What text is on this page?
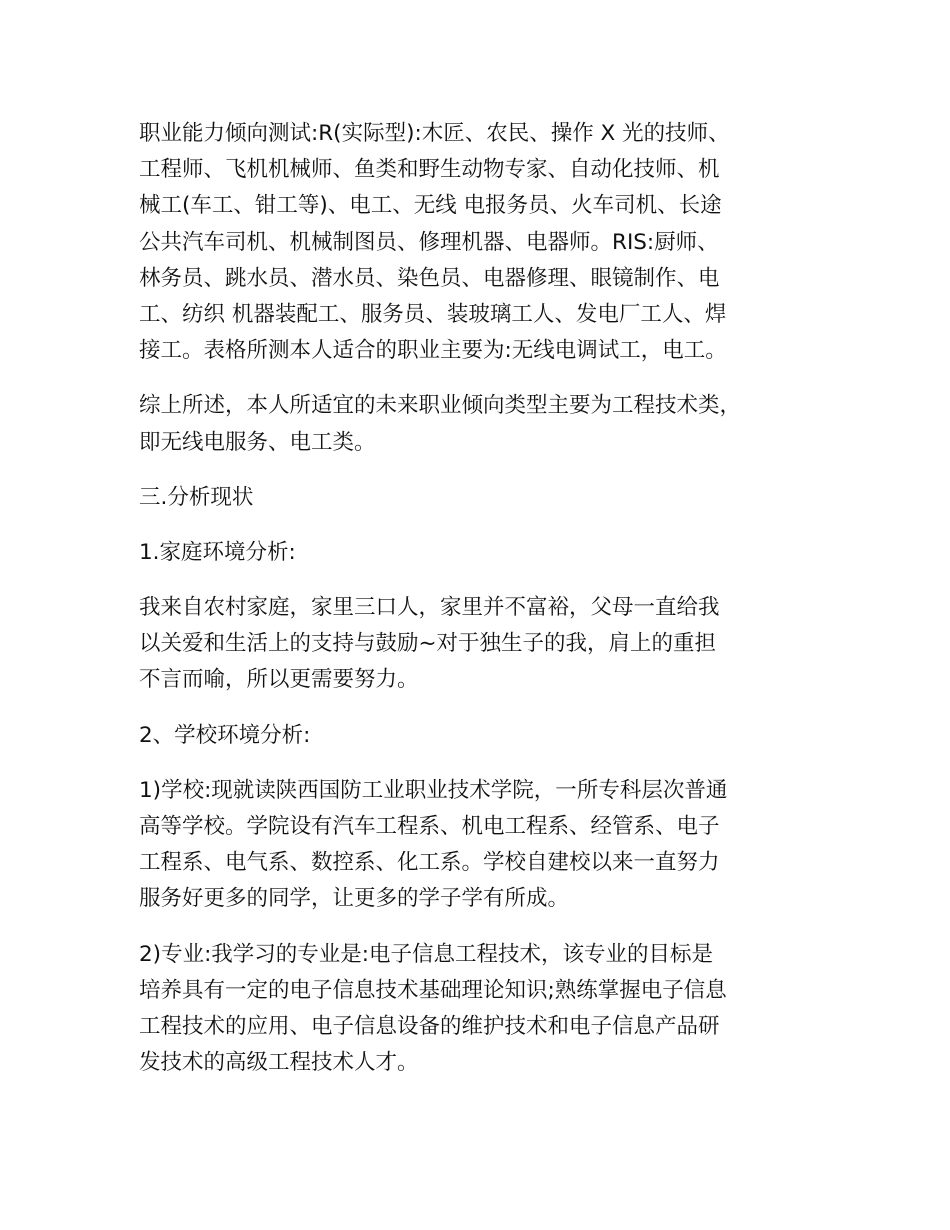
职业能力倾向测试:R(实际型):木匠、农民、操作 X 光的技师、
工程师、飞机机械师、鱼类和野生动物专家、自动化技师、机
械工(车工、钳工等)、电工、无线 电报务员、火车司机、长途
公共汽车司机、机械制图员、修理机器、电器师。RIS:厨师、
林务员、跳水员、潜水员、染色员、电器修理、眼镜制作、电
工、纺织 机器装配工、服务员、装玻璃工人、发电厂工人、焊
接工。表格所测本人适合的职业主要为:无线电调试工，电工。

综上所述，本人所适宜的未来职业倾向类型主要为工程技术类，
即无线电服务、电工类。

三.分析现状

1.家庭环境分析:

我来自农村家庭，家里三口人，家里并不富裕，父母一直给我
以关爱和生活上的支持与鼓励~对于独生子的我，肩上的重担
不言而喻，所以更需要努力。

2、学校环境分析:

1)学校:现就读陕西国防工业职业技术学院，一所专科层次普通
高等学校。学院设有汽车工程系、机电工程系、经管系、电子
工程系、电气系、数控系、化工系。学校自建校以来一直努力
服务好更多的同学，让更多的学子学有所成。

2)专业:我学习的专业是:电子信息工程技术，该专业的目标是
培养具有一定的电子信息技术基础理论知识;熟练掌握电子信息
工程技术的应用、电子信息设备的维护技术和电子信息产品研
发技术的高级工程技术人才。
